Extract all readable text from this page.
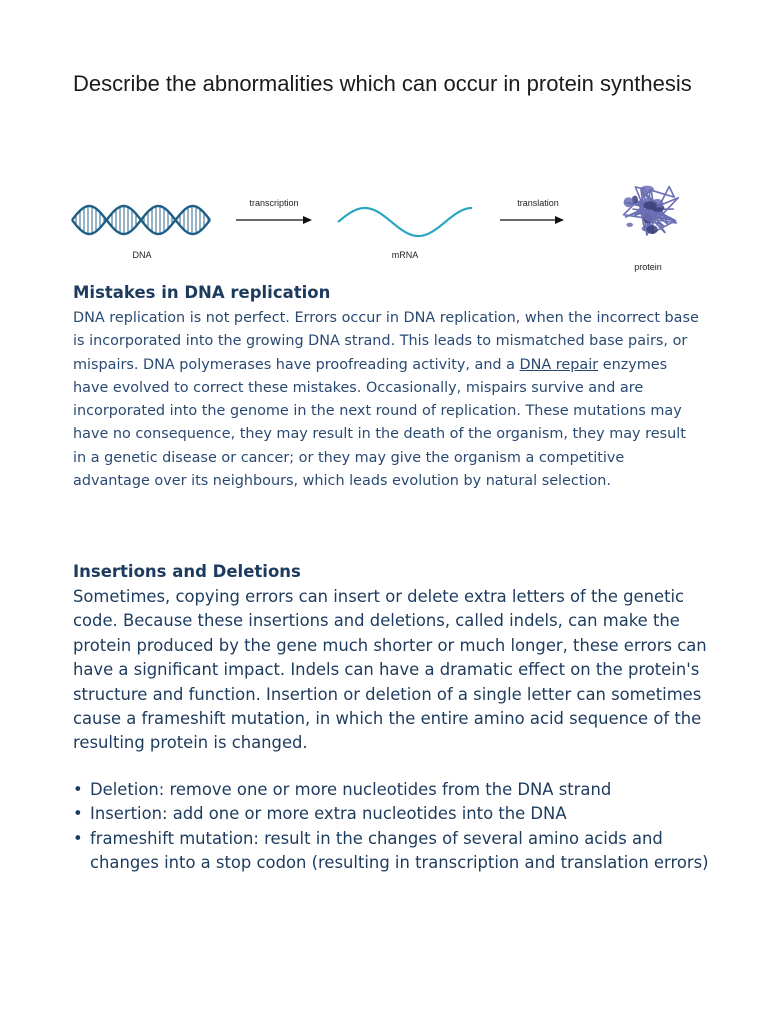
Describe the abnormalities which can occur in protein synthesis
DNA
transcription
mRNA
translation
protein
Mistakes in DNA replication

DNA replication is not perfect. Errors occur in DNA replication, when the incorrect base is incorporated into the growing DNA strand. This leads to mismatched base pairs, or mispairs. DNA polymerases have proofreading activity, and a DNA repair enzymes have evolved to correct these mistakes. Occasionally, mispairs survive and are incorporated into the genome in the next round of replication. These mutations may have no consequence, they may result in the death of the organism, they may result in a genetic disease or cancer; or they may give the organism a competitive advantage over its neighbours, which leads evolution by natural selection.

Insertions and Deletions

Sometimes, copying errors can insert or delete extra letters of the genetic code. Because these insertions and deletions, called indels, can make the protein produced by the gene much shorter or much longer, these errors can have a significant impact. Indels can have a dramatic effect on the protein's structure and function. Insertion or deletion of a single letter can sometimes cause a frameshift mutation, in which the entire amino acid sequence of the resulting protein is changed.

• Deletion: remove one or more nucleotides from the DNA strand
• Insertion: add one or more extra nucleotides into the DNA
• frameshift mutation: result in the changes of several amino acids and changes into a stop codon (resulting in transcription and translation errors)
